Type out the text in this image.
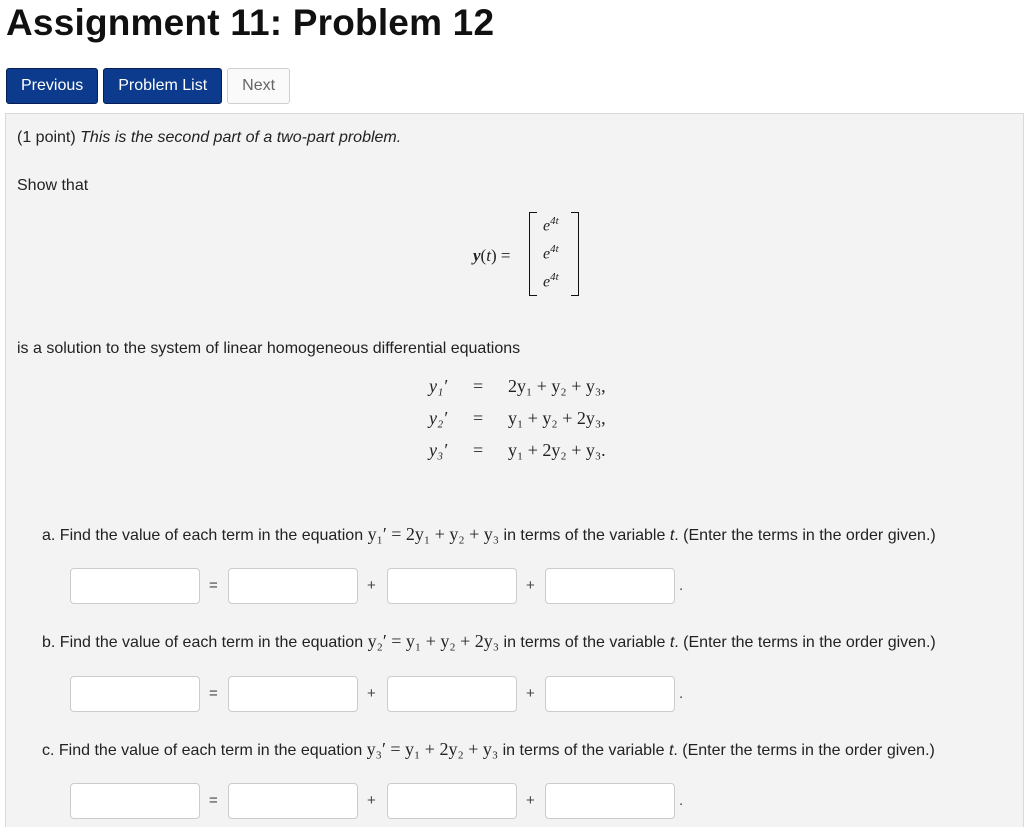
Assignment 11: Problem 12
Previous	Problem List	Next
(1 point) This is the second part of a two-part problem.
Show that
y(t) =
$e^{4t}$
$e^{4t}$
$e^{4t}$
is a solution to the system of linear homogeneous differential equations
y₁′ = 2y₁ + y₂ + y₃,
y₂′ = y₁ + y₂ + 2y₃,
y₃′ = y₁ + 2y₂ + y₃.
a. Find the value of each term in the equation y₁′ = 2y₁ + y₂ + y₃ in terms of the variable t. (Enter the terms in the order given.)
=	+	+	.
b. Find the value of each term in the equation y₂′ = y₁ + y₂ + 2y₃ in terms of the variable t. (Enter the terms in the order given.)
=	+	+	.
c. Find the value of each term in the equation y₃′ = y₁ + 2y₂ + y₃ in terms of the variable t. (Enter the terms in the order given.)
=	+	+	.
